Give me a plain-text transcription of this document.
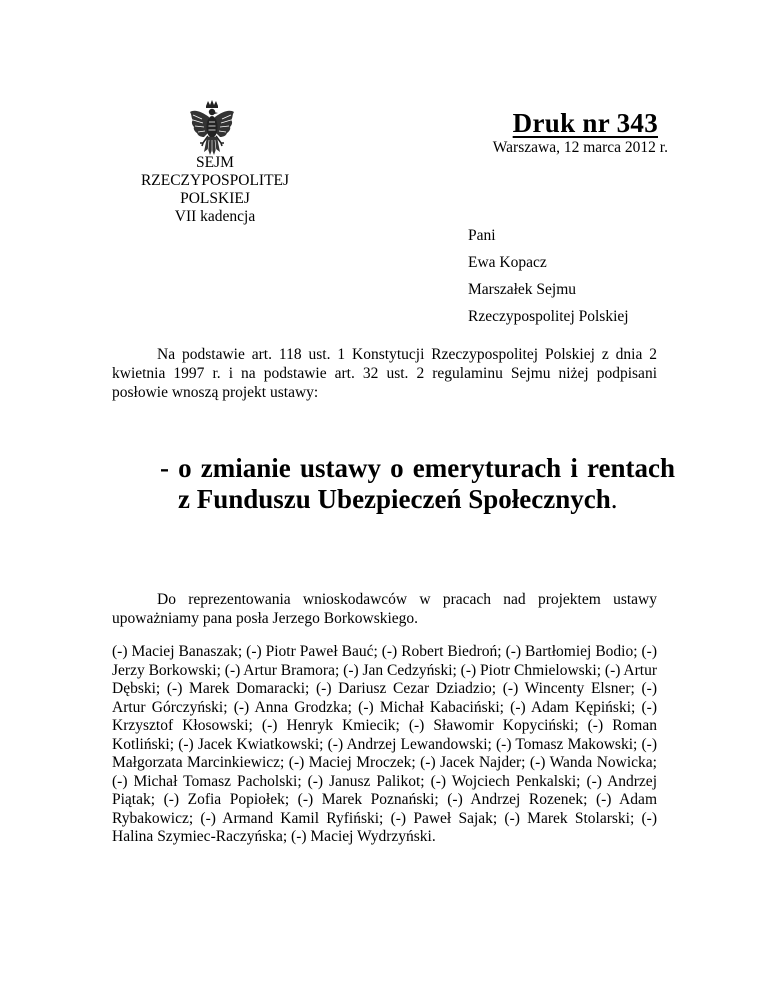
Druk nr 343
Warszawa, 12 marca 2012 r.
SEJM
RZECZYPOSPOLITEJ POLSKIEJ
VII kadencja
Pani
Ewa Kopacz
Marszałek Sejmu
Rzeczypospolitej Polskiej
Na podstawie art. 118 ust. 1 Konstytucji Rzeczypospolitej Polskiej z dnia 2 kwietnia 1997 r. i na podstawie art. 32 ust. 2 regulaminu Sejmu niżej podpisani posłowie wnoszą projekt ustawy:
- o zmianie ustawy o emeryturach i rentach z Funduszu Ubezpieczeń Społecznych.
Do reprezentowania wnioskodawców w pracach nad projektem ustawy upoważniamy pana posła Jerzego Borkowskiego.
(-) Maciej Banaszak; (-) Piotr Paweł Bauć; (-) Robert Biedroń; (-) Bartłomiej Bodio; (-) Jerzy Borkowski; (-) Artur Bramora; (-) Jan Cedzyński; (-) Piotr Chmielowski; (-) Artur Dębski; (-) Marek Domaracki; (-) Dariusz Cezar Dziadzio; (-) Wincenty Elsner; (-) Artur Górczyński; (-) Anna Grodzka; (-) Michał Kabaciński; (-) Adam Kępiński; (-) Krzysztof Kłosowski; (-) Henryk Kmiecik; (-) Sławomir Kopyciński; (-) Roman Kotliński; (-) Jacek Kwiatkowski; (-) Andrzej Lewandowski; (-) Tomasz Makowski; (-) Małgorzata Marcinkiewicz; (-) Maciej Mroczek; (-) Jacek Najder; (-) Wanda Nowicka; (-) Michał Tomasz Pacholski; (-) Janusz Palikot; (-) Wojciech Penkalski; (-) Andrzej Piątak; (-) Zofia Popiołek; (-) Marek Poznański; (-) Andrzej Rozenek; (-) Adam Rybakowicz; (-) Armand Kamil Ryfiński; (-) Paweł Sajak; (-) Marek Stolarski; (-) Halina Szymiec-Raczyńska; (-) Maciej Wydrzyński.
